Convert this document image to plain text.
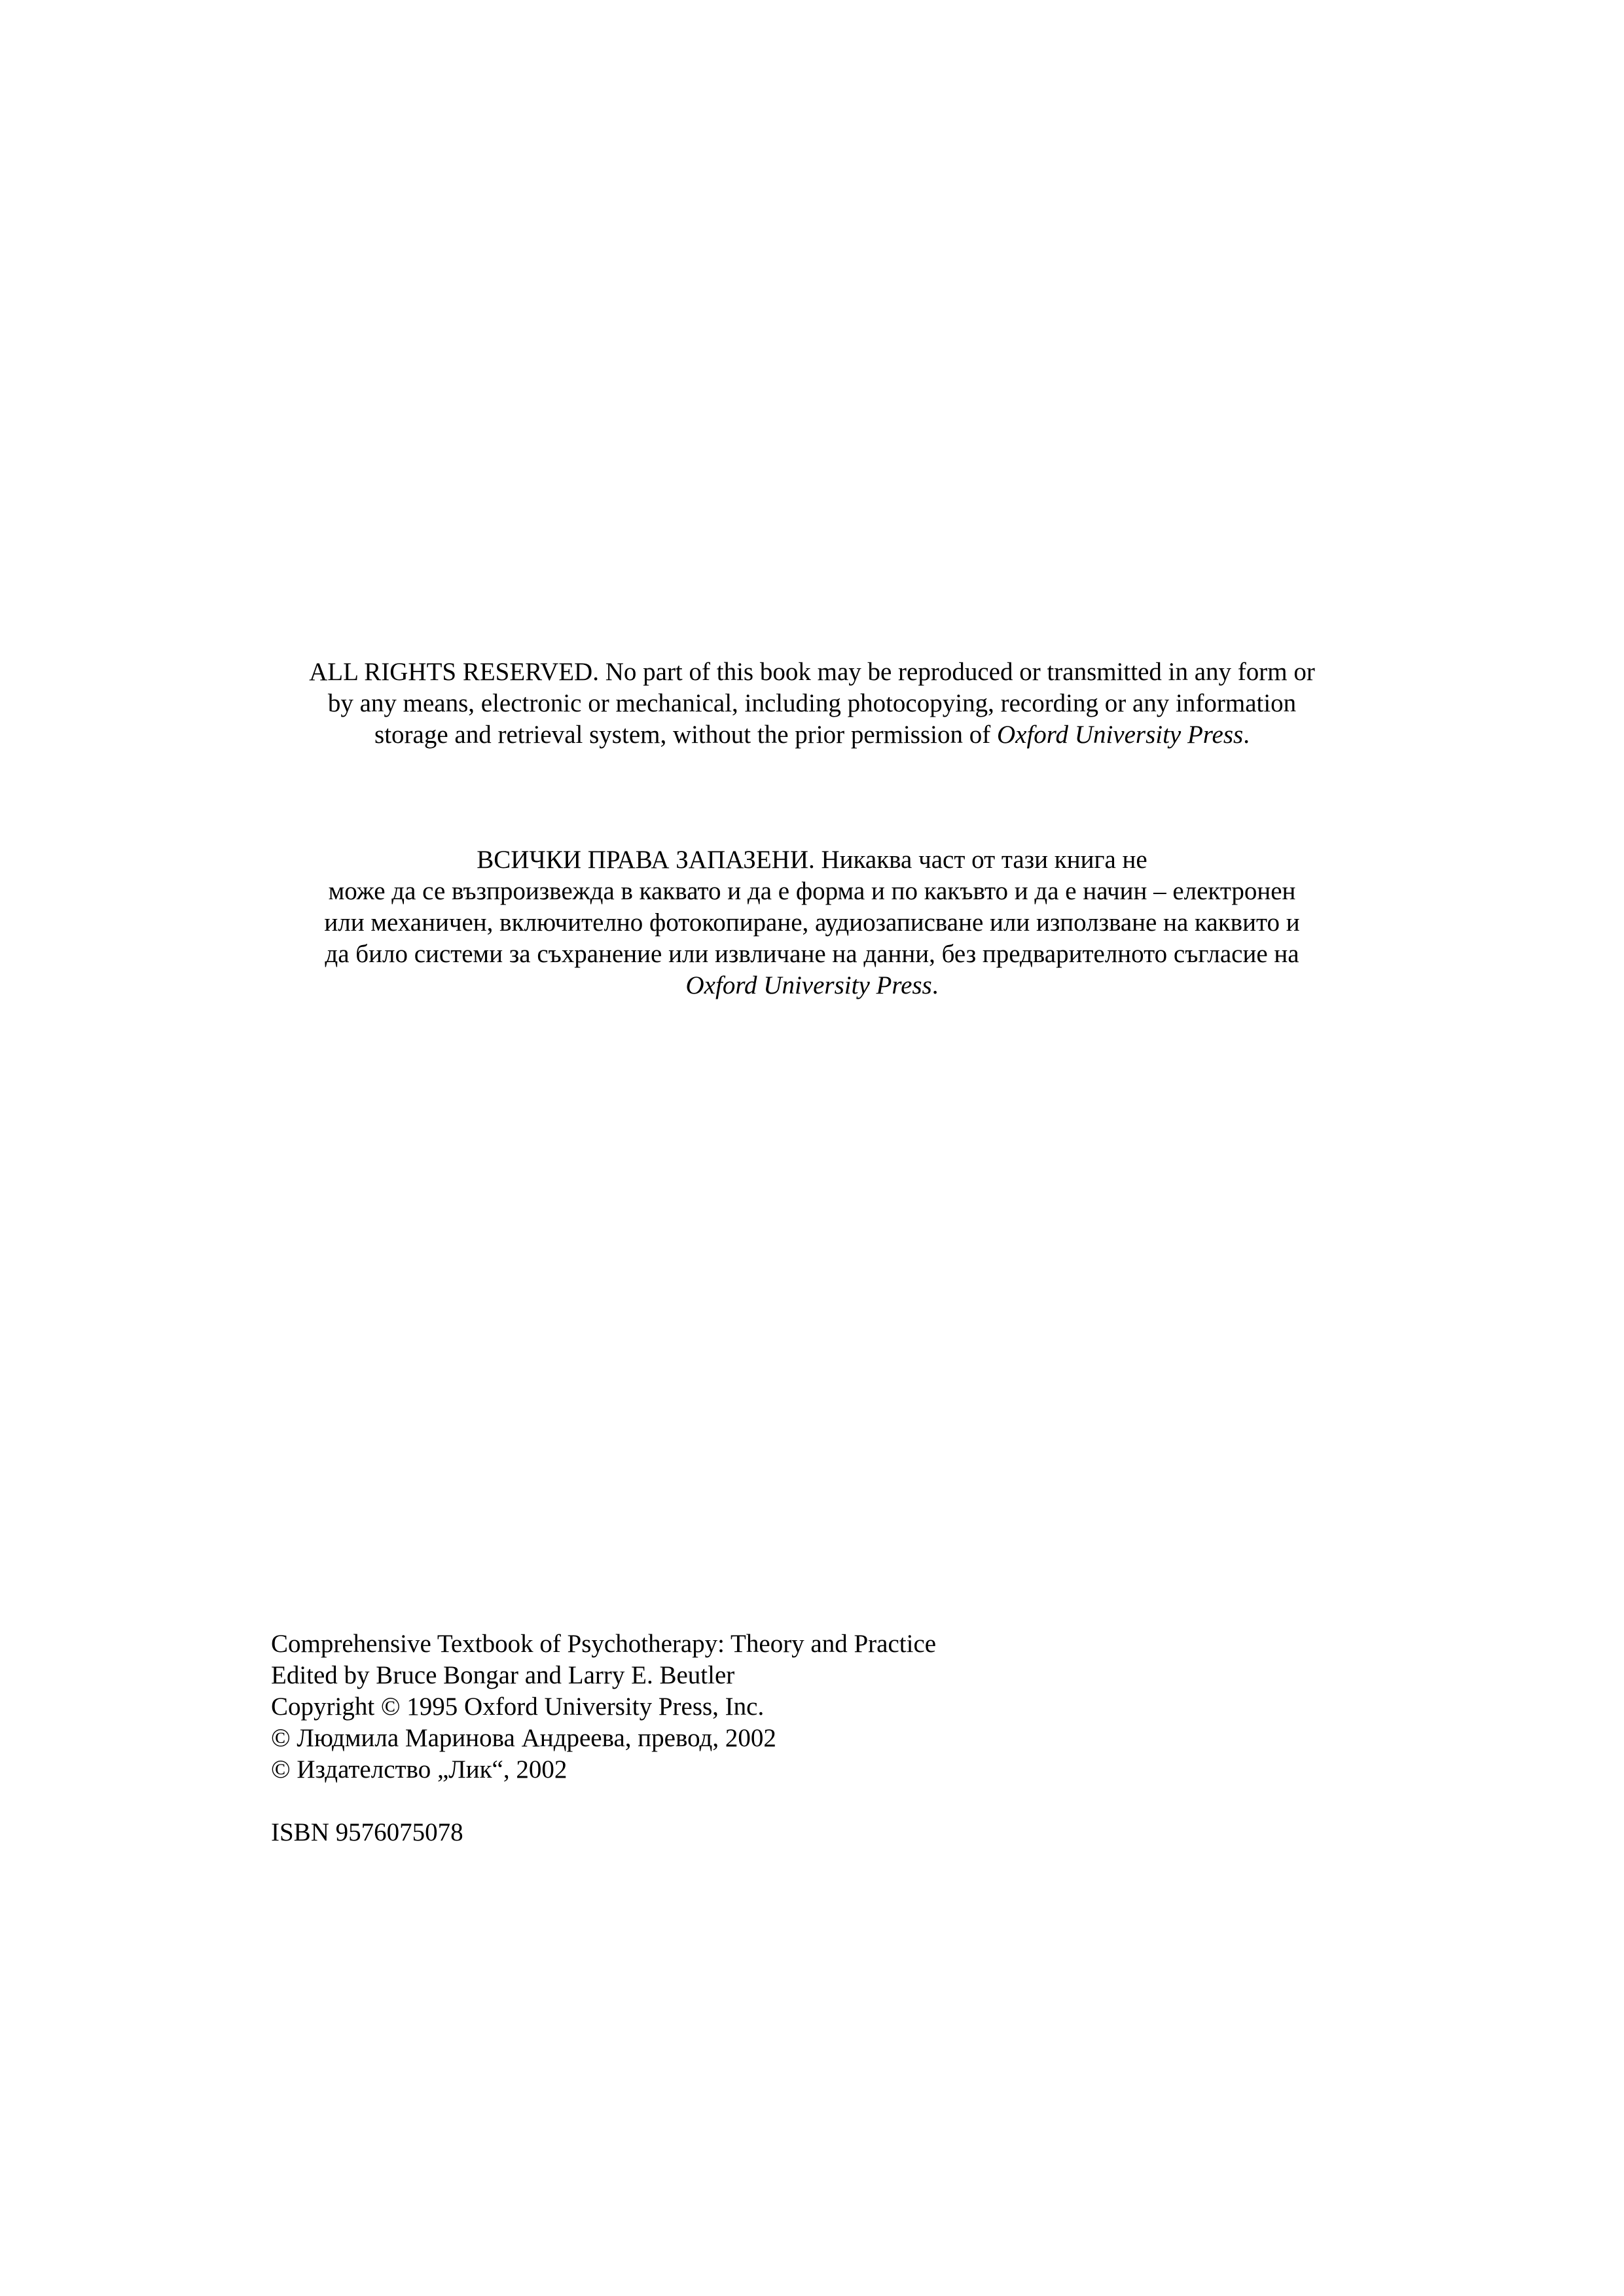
ALL RIGHTS RESERVED. No part of this book may be reproduced or transmitted in any form or
by any means, electronic or mechanical, including photocopying, recording or any information
storage and retrieval system, without the prior permission of Oxford University Press.

ВСИЧКИ ПРАВА ЗАПАЗЕНИ. Никаква част от тази книга не
може да се възпроизвежда в каквато и да е форма и по какъвто и да е начин – електронен
или механичен, включително фотокопиране, аудиозаписване или използване на каквито и
да било системи за съхранение или извличане на данни, без предварителното съгласие на
Oxford University Press.

Comprehensive Textbook of Psychotherapy: Theory and Practice
Edited by Bruce Bongar and Larry E. Beutler
Copyright © 1995 Oxford University Press, Inc.
© Людмила Маринова Андреева, превод, 2002
© Издателство „Лик“, 2002
ISBN 9576075078
